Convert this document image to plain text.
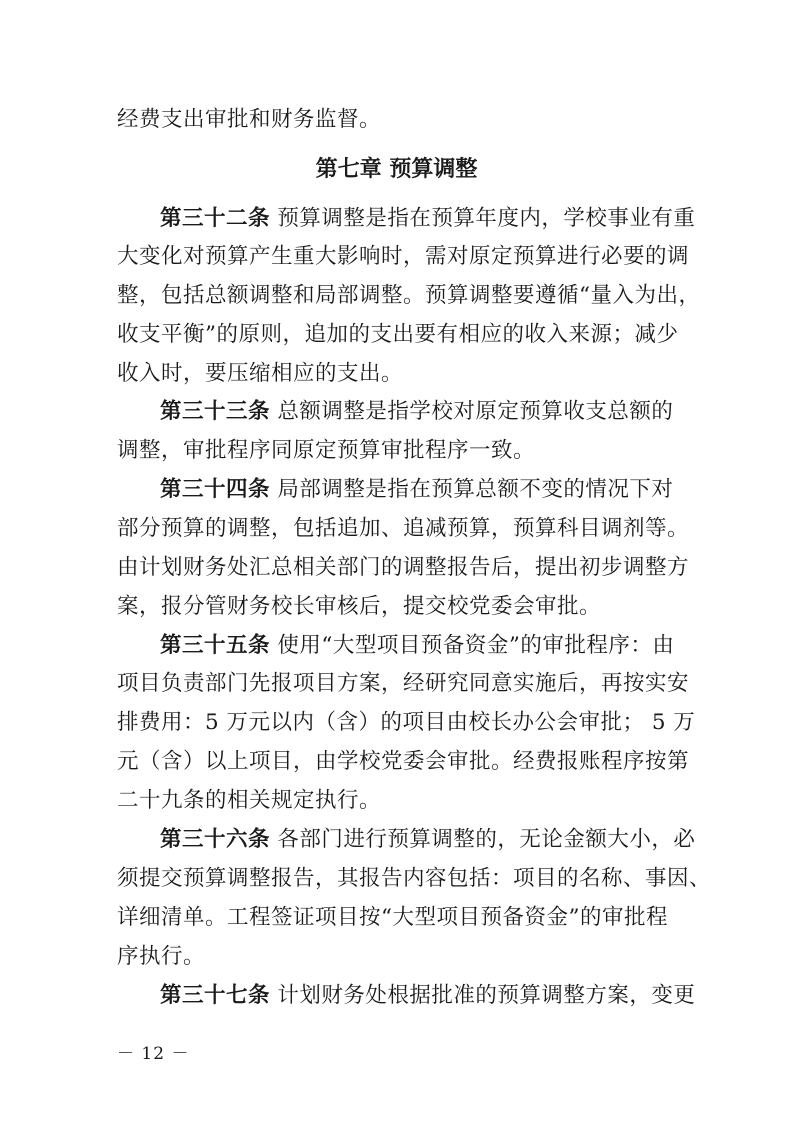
经费支出审批和财务监督。
第七章 预算调整
第三十二条 预算调整是指在预算年度内，学校事业有重
大变化对预算产生重大影响时，需对原定预算进行必要的调
整，包括总额调整和局部调整。预算调整要遵循“量入为出，
收支平衡”的原则，追加的支出要有相应的收入来源；减少
收入时，要压缩相应的支出。
第三十三条 总额调整是指学校对原定预算收支总额的
调整，审批程序同原定预算审批程序一致。
第三十四条 局部调整是指在预算总额不变的情况下对
部分预算的调整，包括追加、追减预算，预算科目调剂等。
由计划财务处汇总相关部门的调整报告后，提出初步调整方
案，报分管财务校长审核后，提交校党委会审批。
第三十五条 使用“大型项目预备资金”的审批程序：由
项目负责部门先报项目方案，经研究同意实施后，再按实安
排费用：5 万元以内（含）的项目由校长办公会审批； 5 万
元（含）以上项目，由学校党委会审批。经费报账程序按第
二十九条的相关规定执行。
第三十六条 各部门进行预算调整的，无论金额大小，必
须提交预算调整报告，其报告内容包括：项目的名称、事因、
详细清单。工程签证项目按“大型项目预备资金”的审批程
序执行。
第三十七条 计划财务处根据批准的预算调整方案，变更
－ 12 －
